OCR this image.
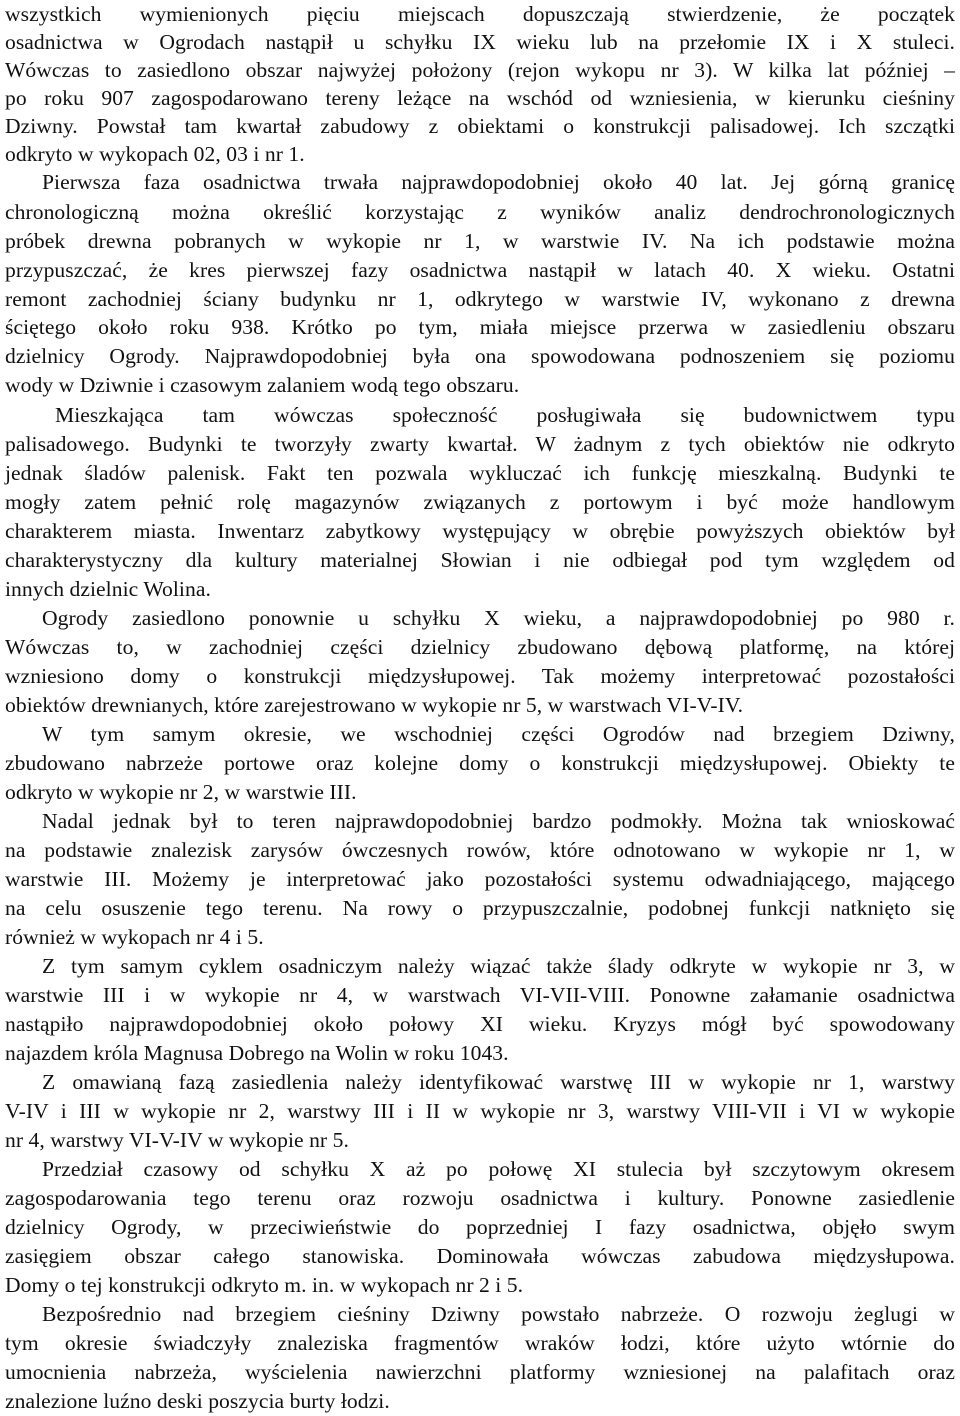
wszystkich wymienionych pięciu miejscach dopuszczają stwierdzenie, że początek
osadnictwa w Ogrodach nastąpił u schyłku IX wieku lub na przełomie IX i X stuleci.
Wówczas to zasiedlono obszar najwyżej położony (rejon wykopu nr 3). W kilka lat później –
po roku 907 zagospodarowano tereny leżące na wschód od wzniesienia, w kierunku cieśniny
Dziwny. Powstał tam kwartał zabudowy z obiektami o konstrukcji palisadowej. Ich szczątki
odkryto w wykopach 02, 03 i nr 1.
Pierwsza faza osadnictwa trwała najprawdopodobniej około 40 lat. Jej górną granicę
chronologiczną można określić korzystając z wyników analiz dendrochronologicznych
próbek drewna pobranych w wykopie nr 1, w warstwie IV. Na ich podstawie można
przypuszczać, że kres pierwszej fazy osadnictwa nastąpił w latach 40. X wieku. Ostatni
remont zachodniej ściany budynku nr 1, odkrytego w warstwie IV, wykonano z drewna
ściętego około roku 938. Krótko po tym, miała miejsce przerwa w zasiedleniu obszaru
dzielnicy Ogrody. Najprawdopodobniej była ona spowodowana podnoszeniem się poziomu
wody w Dziwnie i czasowym zalaniem wodą tego obszaru.
Mieszkająca tam wówczas społeczność posługiwała się budownictwem typu
palisadowego. Budynki te tworzyły zwarty kwartał. W żadnym z tych obiektów nie odkryto
jednak śladów palenisk. Fakt ten pozwala wykluczać ich funkcję mieszkalną. Budynki te
mogły zatem pełnić rolę magazynów związanych z portowym i być może handlowym
charakterem miasta. Inwentarz zabytkowy występujący w obrębie powyższych obiektów był
charakterystyczny dla kultury materialnej Słowian i nie odbiegał pod tym względem od
innych dzielnic Wolina.
Ogrody zasiedlono ponownie u schyłku X wieku, a najprawdopodobniej po 980 r.
Wówczas to, w zachodniej części dzielnicy zbudowano dębową platformę, na której
wzniesiono domy o konstrukcji międzysłupowej. Tak możemy interpretować pozostałości
obiektów drewnianych, które zarejestrowano w wykopie nr 5, w warstwach VI-V-IV.
W tym samym okresie, we wschodniej części Ogrodów nad brzegiem Dziwny,
zbudowano nabrzeże portowe oraz kolejne domy o konstrukcji międzysłupowej. Obiekty te
odkryto w wykopie nr 2, w warstwie III.
Nadal jednak był to teren najprawdopodobniej bardzo podmokły. Można tak wnioskować
na podstawie znalezisk zarysów ówczesnych rowów, które odnotowano w wykopie nr 1, w
warstwie III. Możemy je interpretować jako pozostałości systemu odwadniającego, mającego
na celu osuszenie tego terenu. Na rowy o przypuszczalnie, podobnej funkcji natknięto się
również w wykopach nr 4 i 5.
Z tym samym cyklem osadniczym należy wiązać także ślady odkryte w wykopie nr 3, w
warstwie III i w wykopie nr 4, w warstwach VI-VII-VIII. Ponowne załamanie osadnictwa
nastąpiło najprawdopodobniej około połowy XI wieku. Kryzys mógł być spowodowany
najazdem króla Magnusa Dobrego na Wolin w roku 1043.
Z omawianą fazą zasiedlenia należy identyfikować warstwę III w wykopie nr 1, warstwy
V-IV i III w wykopie nr 2, warstwy III i II w wykopie nr 3, warstwy VIII-VII i VI w wykopie
nr 4, warstwy VI-V-IV w wykopie nr 5.
Przedział czasowy od schyłku X aż po połowę XI stulecia był szczytowym okresem
zagospodarowania tego terenu oraz rozwoju osadnictwa i kultury. Ponowne zasiedlenie
dzielnicy Ogrody, w przeciwieństwie do poprzedniej I fazy osadnictwa, objęło swym
zasięgiem obszar całego stanowiska. Dominowała wówczas zabudowa międzysłupowa.
Domy o tej konstrukcji odkryto m. in. w wykopach nr 2 i 5.
Bezpośrednio nad brzegiem cieśniny Dziwny powstało nabrzeże. O rozwoju żeglugi w
tym okresie świadczyły znaleziska fragmentów wraków łodzi, które użyto wtórnie do
umocnienia nabrzeża, wyścielenia nawierzchni platformy wzniesionej na palafitach oraz
znalezione luźno deski poszycia burty łodzi.
